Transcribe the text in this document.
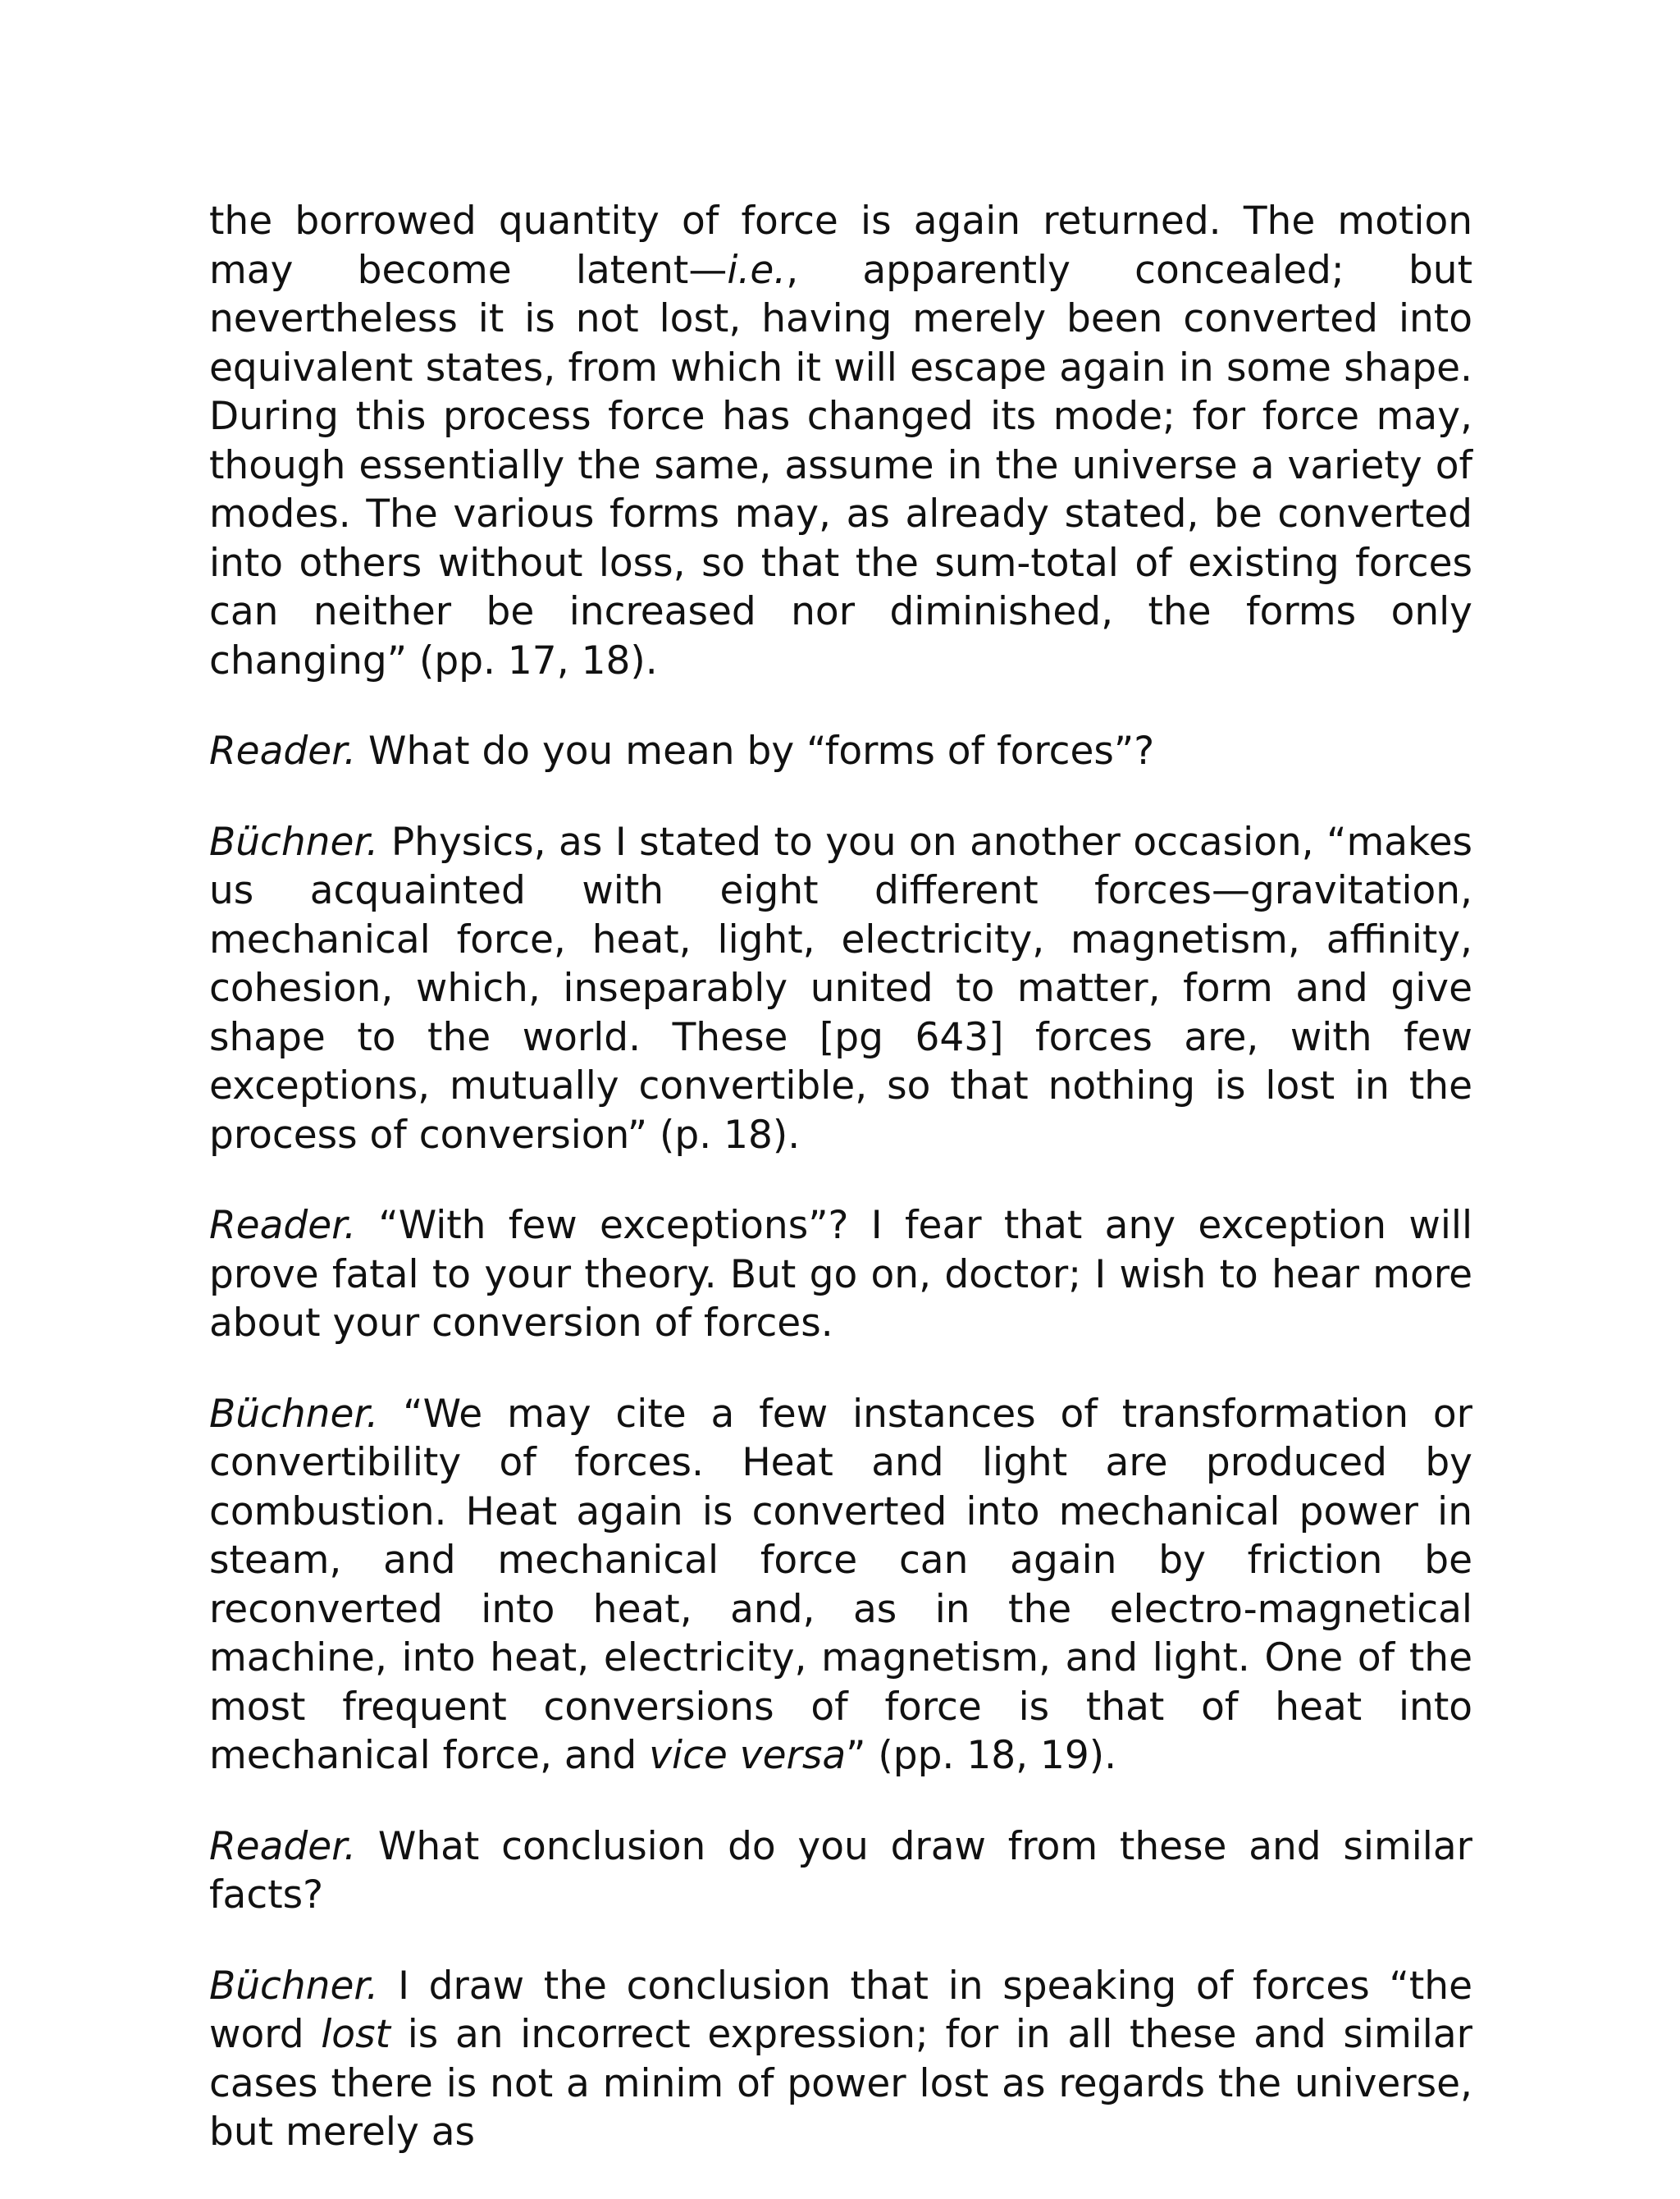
the borrowed quantity of force is again returned. The motion may become latent—i.e., apparently concealed; but nevertheless it is not lost, having merely been converted into equivalent states, from which it will escape again in some shape. During this process force has changed its mode; for force may, though essentially the same, assume in the universe a variety of modes. The various forms may, as already stated, be converted into others without loss, so that the sum-total of existing forces can neither be increased nor diminished, the forms only changing” (pp. 17, 18).

Reader. What do you mean by “forms of forces”?

Büchner. Physics, as I stated to you on another occasion, “makes us acquainted with eight different forces—gravitation, mechanical force, heat, light, electricity, magnetism, affinity, cohesion, which, inseparably united to matter, form and give shape to the world. These [pg 643] forces are, with few exceptions, mutually convertible, so that nothing is lost in the process of conversion” (p. 18).

Reader. “With few exceptions”? I fear that any exception will prove fatal to your theory. But go on, doctor; I wish to hear more about your conversion of forces.

Büchner. “We may cite a few instances of transformation or convertibility of forces. Heat and light are produced by combustion. Heat again is converted into mechanical power in steam, and mechanical force can again by friction be reconverted into heat, and, as in the electro-magnetical machine, into heat, electricity, magnetism, and light. One of the most frequent conversions of force is that of heat into mechanical force, and vice versa” (pp. 18, 19).

Reader. What conclusion do you draw from these and similar facts?

Büchner. I draw the conclusion that in speaking of forces “the word lost is an incorrect expression; for in all these and similar cases there is not a minim of power lost as regards the universe, but merely as
